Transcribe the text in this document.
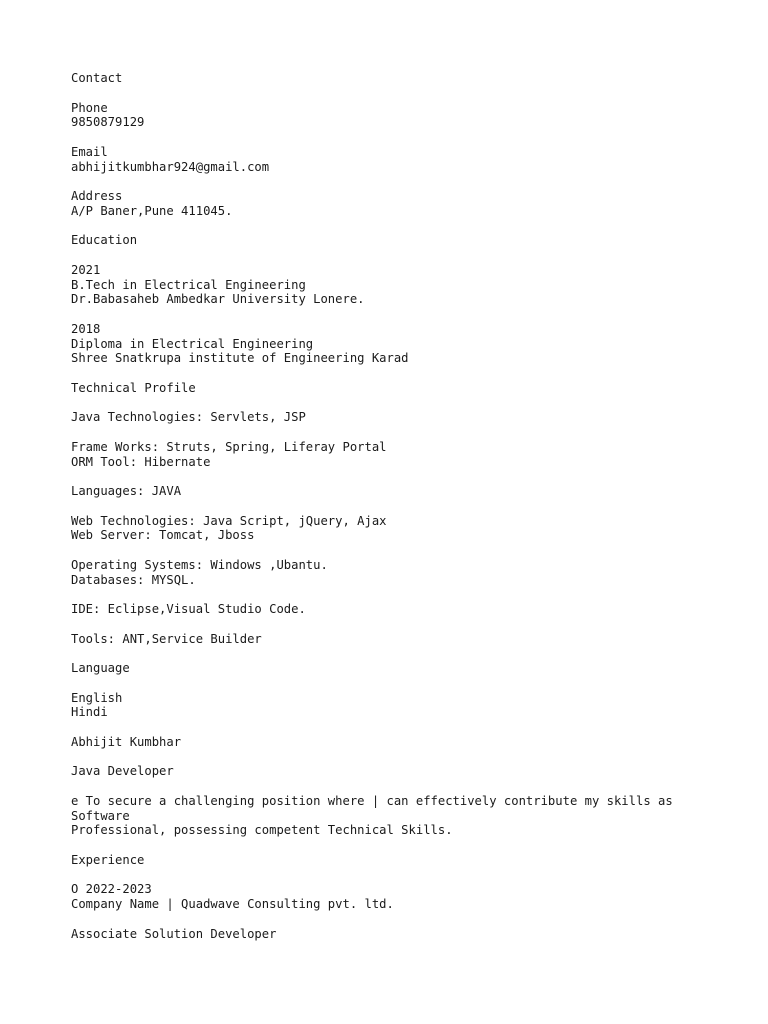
Contact
Phone
9850879129
Email
abhijitkumbhar924@gmail.com
Address
A/P Baner,Pune 411045.
Education
2021
B.Tech in Electrical Engineering
Dr.Babasaheb Ambedkar University Lonere.
2018
Diploma in Electrical Engineering
Shree Snatkrupa institute of Engineering Karad
Technical Profile
Java Technologies: Servlets, JSP
Frame Works: Struts, Spring, Liferay Portal
ORM Tool: Hibernate
Languages: JAVA
Web Technologies: Java Script, jQuery, Ajax
Web Server: Tomcat, Jboss
Operating Systems: Windows ,Ubantu.
Databases: MYSQL.
IDE: Eclipse,Visual Studio Code.
Tools: ANT,Service Builder
Language
English
Hindi
Abhijit Kumbhar
Java Developer
e To secure a challenging position where | can effectively contribute my skills as
Software
Professional, possessing competent Technical Skills.
Experience
O 2022-2023
Company Name | Quadwave Consulting pvt. ltd.
Associate Solution Developer
